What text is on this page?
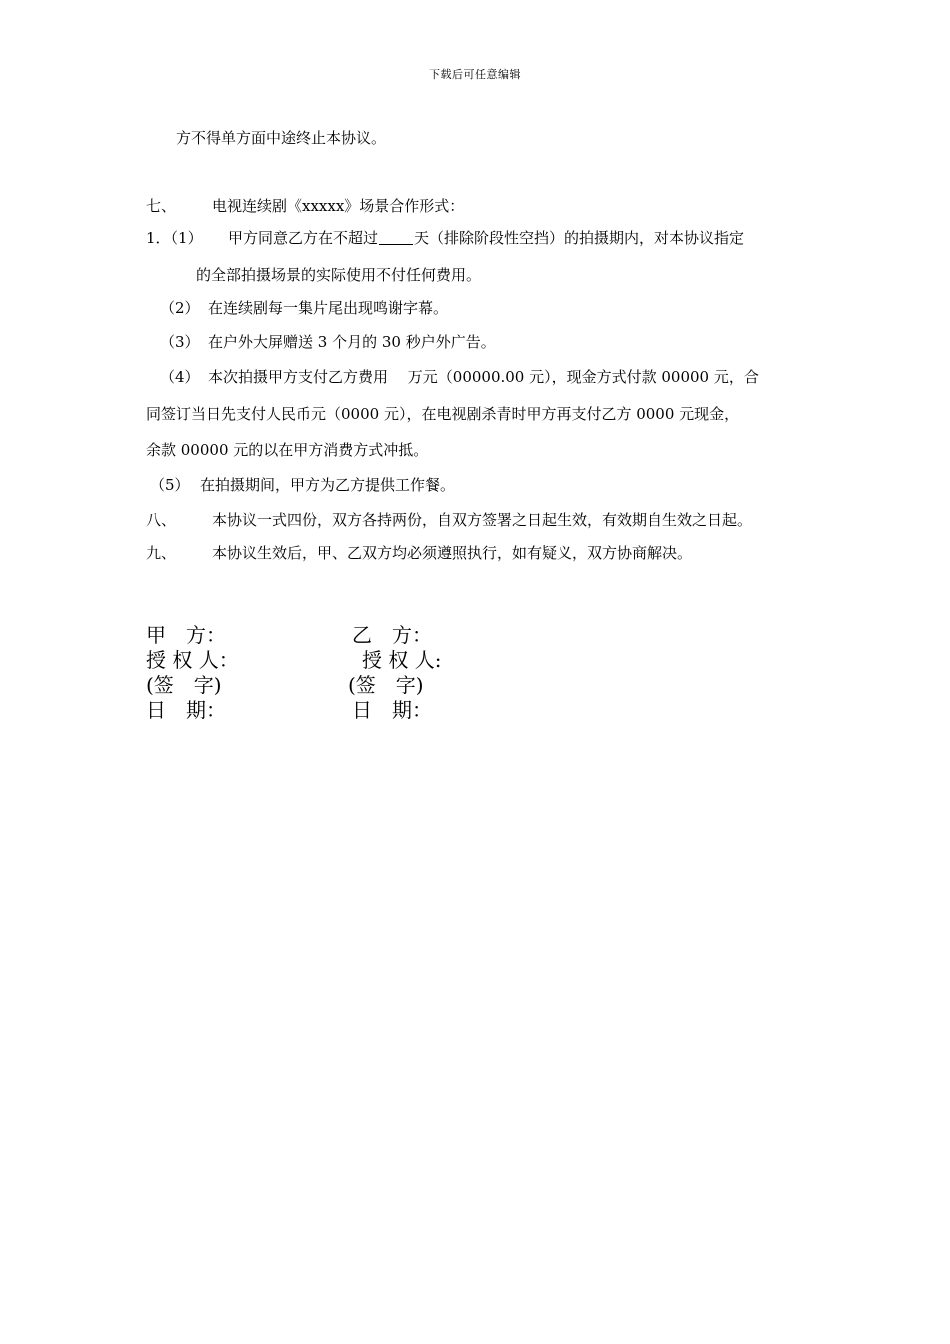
下载后可任意编辑
方不得单方面中途终止本协议。
七、 电视连续剧《xxxxx》场景合作形式：
1．（1） 甲方同意乙方在不超过 天（排除阶段性空挡）的拍摄期内，对本协议指定
的全部拍摄场景的实际使用不付任何费用。
（2） 在连续剧每一集片尾出现鸣谢字幕。
（3） 在户外大屏赠送 3 个月的 30 秒户外广告。
（4） 本次拍摄甲方支付乙方费用　 万元（00000.00 元），现金方式付款 00000 元，合
同签订当日先支付人民币元（0000 元），在电视剧杀青时甲方再支付乙方 0000 元现金，
余款 00000 元的以在甲方消费方式冲抵。
（5） 在拍摄期间，甲方为乙方提供工作餐。
八、 本协议一式四份，双方各持两份，自双方签署之日起生效，有效期自生效之日起。
九、 本协议生效后，甲、乙双方均必须遵照执行，如有疑义，双方协商解决。
甲　方：	乙　方：
授 权 人：	授 权 人:
(签　字)	(签　字)
日　期：	日　期：
